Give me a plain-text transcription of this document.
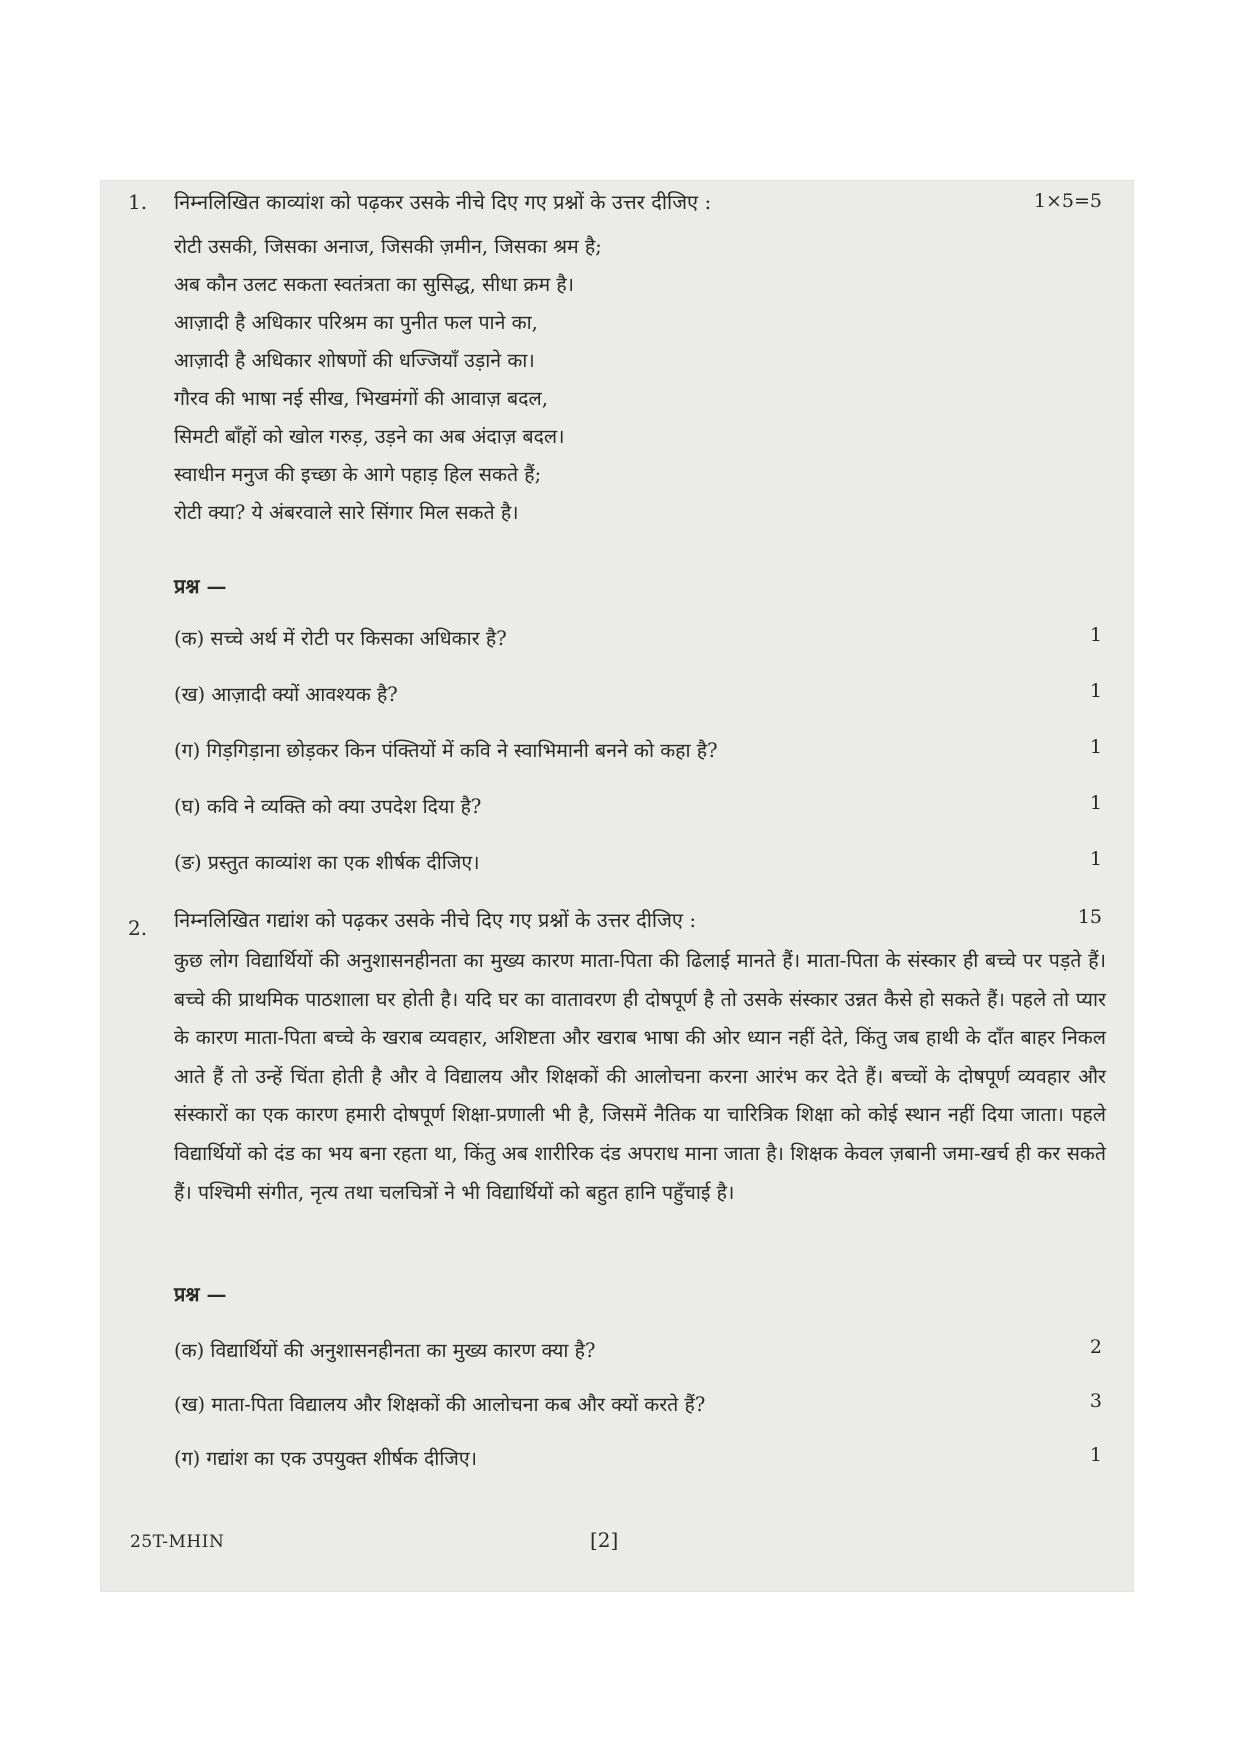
1. निम्नलिखित काव्यांश को पढ़कर उसके नीचे दिए गए प्रश्नों के उत्तर दीजिए :	1×5=5
रोटी उसकी, जिसका अनाज, जिसकी ज़मीन, जिसका श्रम है;
अब कौन उलट सकता स्वतंत्रता का सुसिद्ध, सीधा क्रम है।
आज़ादी है अधिकार परिश्रम का पुनीत फल पाने का,
आज़ादी है अधिकार शोषणों की धज्जियाँ उड़ाने का।
गौरव की भाषा नई सीख, भिखमंगों की आवाज़ बदल,
सिमटी बाँहों को खोल गरुड़, उड़ने का अब अंदाज़ बदल।
स्वाधीन मनुज की इच्छा के आगे पहाड़ हिल सकते हैं;
रोटी क्या? ये अंबरवाले सारे सिंगार मिल सकते है।
प्रश्न —
(क) सच्चे अर्थ में रोटी पर किसका अधिकार है?	1
(ख) आज़ादी क्यों आवश्यक है?	1
(ग) गिड़गिड़ाना छोड़कर किन पंक्तियों में कवि ने स्वाभिमानी बनने को कहा है?	1
(घ) कवि ने व्यक्ति को क्या उपदेश दिया है?	1
(ङ) प्रस्तुत काव्यांश का एक शीर्षक दीजिए।	1
2. निम्नलिखित गद्यांश को पढ़कर उसके नीचे दिए गए प्रश्नों के उत्तर दीजिए :	15
कुछ लोग विद्यार्थियों की अनुशासनहीनता का मुख्य कारण माता-पिता की ढिलाई मानते हैं। माता-पिता के संस्कार ही बच्चे पर पड़ते हैं। बच्चे की प्राथमिक पाठशाला घर होती है। यदि घर का वातावरण ही दोषपूर्ण है तो उसके संस्कार उन्नत कैसे हो सकते हैं। पहले तो प्यार के कारण माता-पिता बच्चे के खराब व्यवहार, अशिष्टता और खराब भाषा की ओर ध्यान नहीं देते, किंतु जब हाथी के दाँत बाहर निकल आते हैं तो उन्हें चिंता होती है और वे विद्यालय और शिक्षकों की आलोचना करना आरंभ कर देते हैं। बच्चों के दोषपूर्ण व्यवहार और संस्कारों का एक कारण हमारी दोषपूर्ण शिक्षा-प्रणाली भी है, जिसमें नैतिक या चारित्रिक शिक्षा को कोई स्थान नहीं दिया जाता। पहले विद्यार्थियों को दंड का भय बना रहता था, किंतु अब शारीरिक दंड अपराध माना जाता है। शिक्षक केवल ज़बानी जमा-खर्च ही कर सकते हैं। पश्चिमी संगीत, नृत्य तथा चलचित्रों ने भी विद्यार्थियों को बहुत हानि पहुँचाई है।
प्रश्न —
(क) विद्यार्थियों की अनुशासनहीनता का मुख्य कारण क्या है?	2
(ख) माता-पिता विद्यालय और शिक्षकों की आलोचना कब और क्यों करते हैं?	3
(ग) गद्यांश का एक उपयुक्त शीर्षक दीजिए।	1
25T-MHIN	[2]
